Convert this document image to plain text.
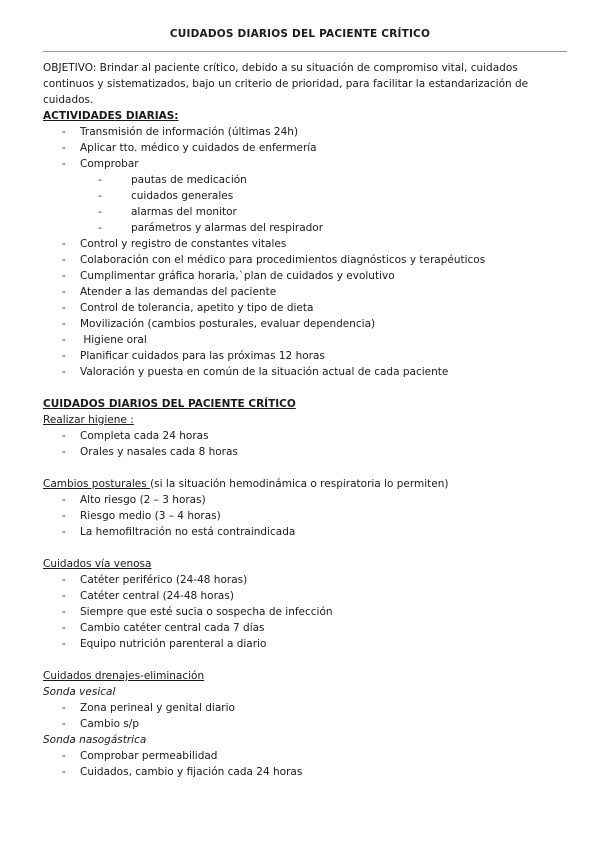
CUIDADOS DIARIOS DEL PACIENTE CRÍTICO
OBJETIVO: Brindar al paciente crítico, debido a su situación de compromiso vital, cuidados continuos y sistematizados, bajo un criterio de prioridad, para facilitar la estandarización de cuidados.

ACTIVIDADES DIARIAS:

- Transmisión de información (últimas 24h)
- Aplicar tto. médico y cuidados de enfermería
- Comprobar
- pautas de medicación
- cuidados generales
- alarmas del monitor
- parámetros y alarmas del respirador
- Control y registro de constantes vitales
- Colaboración con el médico para procedimientos diagnósticos y terapéuticos
- Cumplimentar gráfica horaria,`plan de cuidados y evolutivo
- Atender a las demandas del paciente
- Control de tolerancia, apetito y tipo de dieta
- Movilización (cambios posturales, evaluar dependencia)
-  Higiene oral
- Planificar cuidados para las próximas 12 horas
- Valoración y puesta en común de la situación actual de cada paciente

CUIDADOS DIARIOS DEL PACIENTE CRÍTICO

Realizar higiene :

- Completa cada 24 horas
- Orales y nasales cada 8 horas

Cambios posturales (si la situación hemodinámica o respiratoria lo permiten)

- Alto riesgo (2 – 3 horas)
- Riesgo medio (3 – 4 horas)
- La hemofiltración no está contraindicada

Cuidados vía venosa

- Catéter periférico (24-48 horas)
- Catéter central (24-48 horas)
- Siempre que esté sucia o sospecha de infección
- Cambio catéter central cada 7 días
- Equipo nutrición parenteral a diario

Cuidados drenajes-eliminación

Sonda vesical

- Zona perineal y genital diario
- Cambio s/p

Sonda nasogástrica

- Comprobar permeabilidad
- Cuidados, cambio y fijación cada 24 horas
